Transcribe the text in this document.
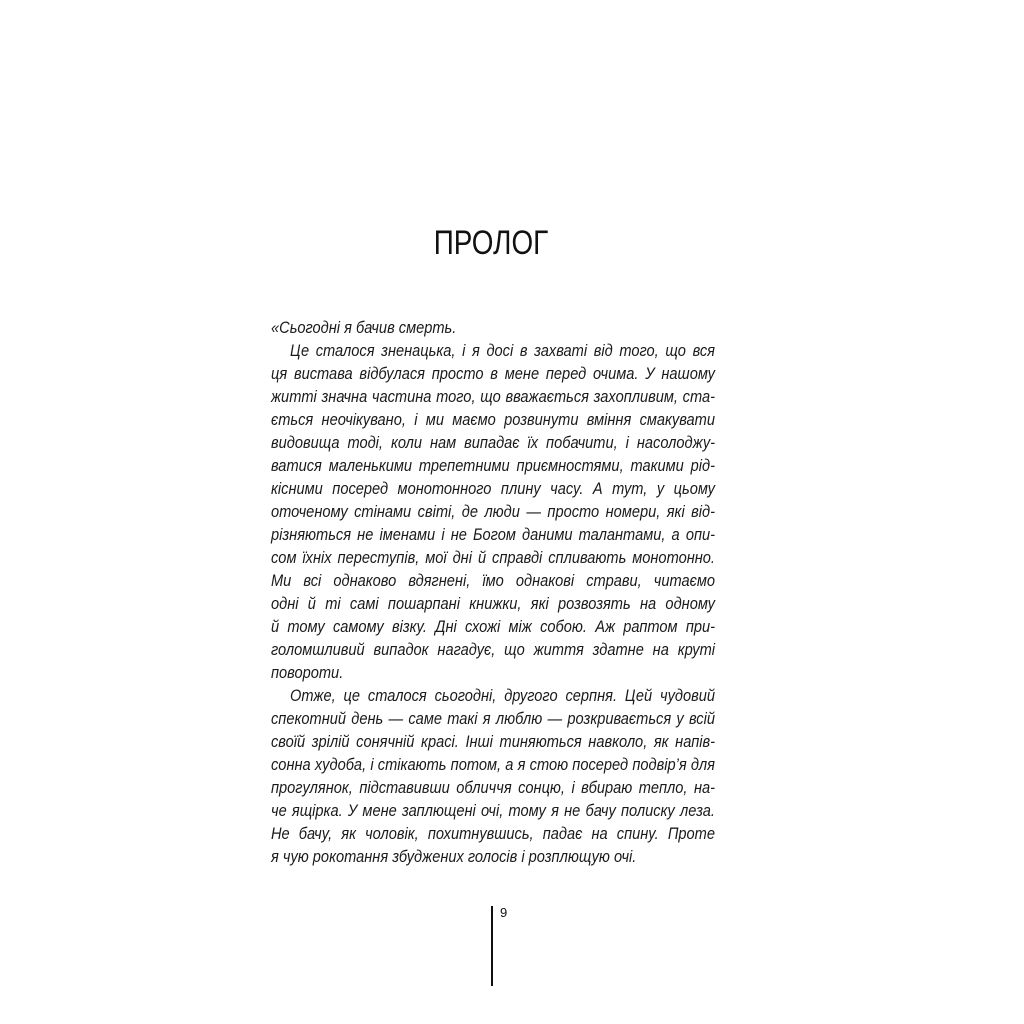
ПРОЛОГ
«Сьогодні я бачив смерть.
Це сталося зненацька, і я досі в захваті від того, що вся
ця вистава відбулася просто в мене перед очима. У нашому
житті значна частина того, що вважається захопливим, ста-
ється неочікувано, і ми маємо розвинути вміння смакувати
видовища тоді, коли нам випадає їх побачити, і насолоджу-
ватися маленькими трепетними приємностями, такими рід-
кісними посеред монотонного плину часу. А тут, у цьому
оточеному стінами світі, де люди — просто номери, які від-
різняються не іменами і не Богом даними талантами, а опи-
сом їхніх переступів, мої дні й справді спливають монотонно.
Ми всі однаково вдягнені, їмо однакові страви, читаємо
одні й ті самі пошарпані книжки, які розвозять на одному
й тому самому візку. Дні схожі між собою. Аж раптом при-
голомшливий випадок нагадує, що життя здатне на круті
повороти.
Отже, це сталося сьогодні, другого серпня. Цей чудовий
спекотний день — саме такі я люблю — розкривається у всій
своїй зрілій сонячній красі. Інші тиняються навколо, як напів-
сонна худоба, і стікають потом, а я стою посеред подвір’я для
прогулянок, підставивши обличчя сонцю, і вбираю тепло, на-
че ящірка. У мене заплющені очі, тому я не бачу полиску леза.
Не бачу, як чоловік, похитнувшись, падає на спину. Проте
я чую рокотання збуджених голосів і розплющую очі.
9
